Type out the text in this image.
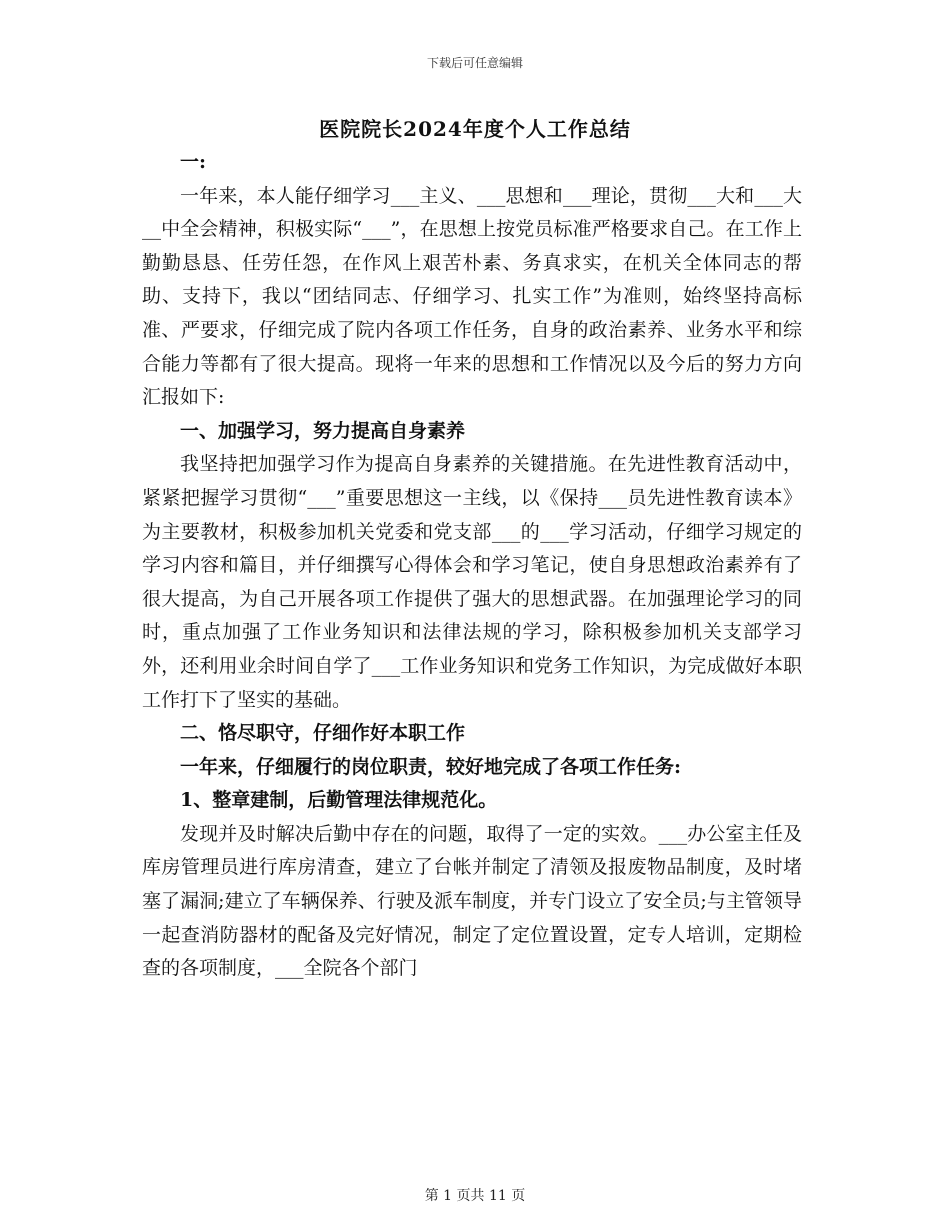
下载后可任意编辑
医院院长2024年度个人工作总结

一:

一年来，本人能仔细学习___主义、___思想和___理论，贯彻___大和___大__中全会精神，积极实际“___”，在思想上按党员标准严格要求自己。在工作上勤勤恳恳、任劳任怨，在作风上艰苦朴素、务真求实，在机关全体同志的帮助、支持下，我以“团结同志、仔细学习、扎实工作”为准则，始终坚持高标准、严要求，仔细完成了院内各项工作任务，自身的政治素养、业务水平和综合能力等都有了很大提高。现将一年来的思想和工作情况以及今后的努力方向汇报如下:

一、加强学习，努力提高自身素养

我坚持把加强学习作为提高自身素养的关键措施。在先进性教育活动中，紧紧把握学习贯彻“___”重要思想这一主线，以《保持___员先进性教育读本》为主要教材，积极参加机关党委和党支部___的___学习活动，仔细学习规定的学习内容和篇目，并仔细撰写心得体会和学习笔记，使自身思想政治素养有了很大提高，为自己开展各项工作提供了强大的思想武器。在加强理论学习的同时，重点加强了工作业务知识和法律法规的学习，除积极参加机关支部学习外，还利用业余时间自学了___工作业务知识和党务工作知识，为完成做好本职工作打下了坚实的基础。

二、恪尽职守，仔细作好本职工作

一年来，仔细履行的岗位职责，较好地完成了各项工作任务:

1、整章建制，后勤管理法律规范化。

发现并及时解决后勤中存在的问题，取得了一定的实效。___办公室主任及库房管理员进行库房清查，建立了台帐并制定了清领及报废物品制度，及时堵塞了漏洞;建立了车辆保养、行驶及派车制度，并专门设立了安全员;与主管领导一起查消防器材的配备及完好情况，制定了定位置设置，定专人培训，定期检查的各项制度，___全院各个部门

第 1 页共 11 页
